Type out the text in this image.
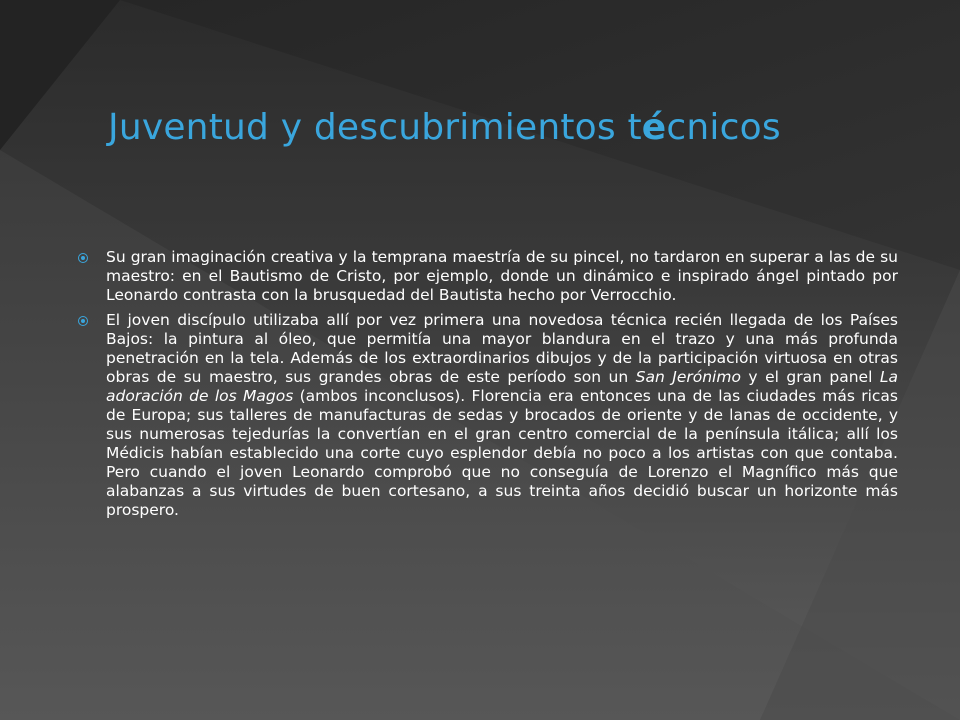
Juventud y descubrimientos técnicos
Su gran imaginación creativa y la temprana maestría de su pincel, no tardaron en superar a las de su maestro: en el Bautismo de Cristo, por ejemplo, donde un dinámico e inspirado ángel pintado por Leonardo contrasta con la brusquedad del Bautista hecho por Verrocchio.
El joven discípulo utilizaba allí por vez primera una novedosa técnica recién llegada de los Países Bajos: la pintura al óleo, que permitía una mayor blandura en el trazo y una más profunda penetración en la tela. Además de los extraordinarios dibujos y de la participación virtuosa en otras obras de su maestro, sus grandes obras de este período son un San Jerónimo y el gran panel La adoración de los Magos (ambos inconclusos). Florencia era entonces una de las ciudades más ricas de Europa; sus talleres de manufacturas de sedas y brocados de oriente y de lanas de occidente, y sus numerosas tejedurías la convertían en el gran centro comercial de la península itálica; allí los Médicis habían establecido una corte cuyo esplendor debía no poco a los artistas con que contaba. Pero cuando el joven Leonardo comprobó que no conseguía de Lorenzo el Magnífico más que alabanzas a sus virtudes de buen cortesano, a sus treinta años decidió buscar un horizonte más prospero.
